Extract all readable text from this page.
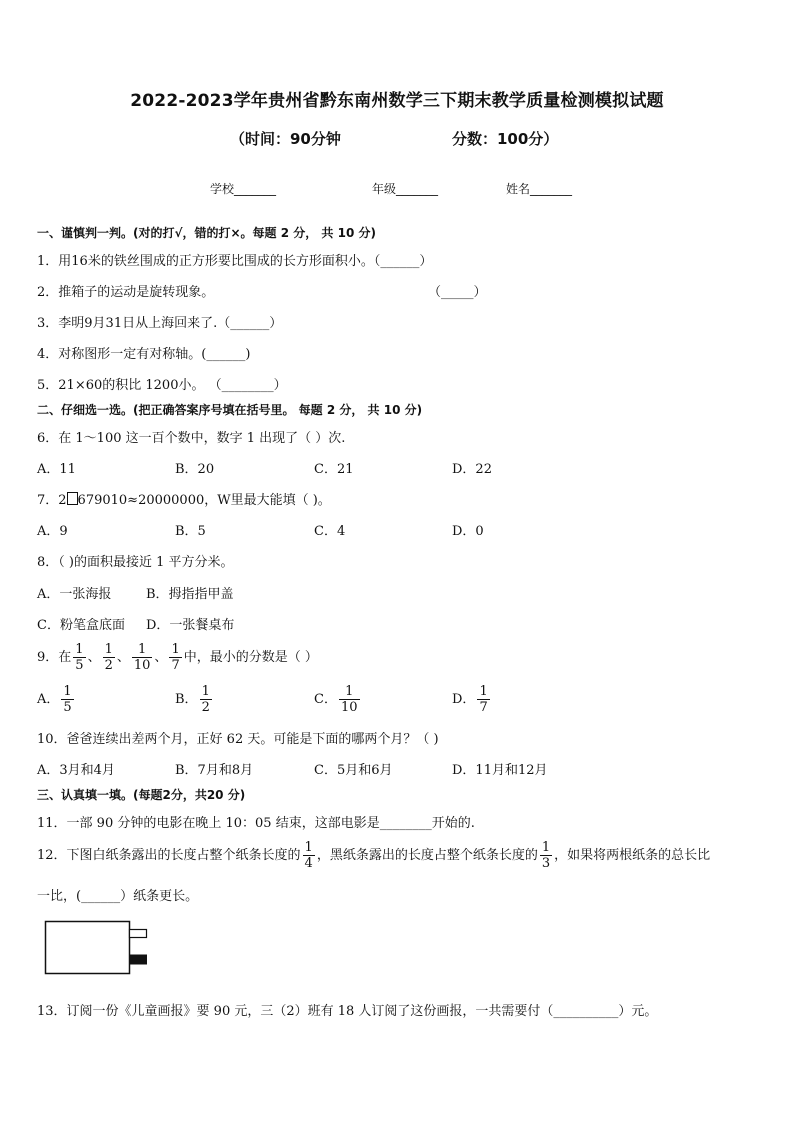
2022-2023学年贵州省黔东南州数学三下期末教学质量检测模拟试题
（时间：90分钟	分数：100分）
学校_______	年级_______	姓名_______
一、谨慎判一判。(对的打√，错的打×。每题 2 分， 共 10 分)
1．用16米的铁丝围成的正方形要比围成的长方形面积小。（______）
2．推箱子的运动是旋转现象。	（_____）
3．李明9月31日从上海回来了.（______）
4．对称图形一定有对称轴。(______)
5．21×60的积比 1200小。 （________）
二、仔细选一选。(把正确答案序号填在括号里。 每题 2 分， 共 10 分)
6．在 1～100 这一百个数中，数字 1 出现了（ ）次.
A．11	B．20	C．21	D．22
7．2 679010≈20000000，W里最大能填（ )。
A．9	B．5	C．4	D．0
8．（ )的面积最接近 1 平方分米。
A．一张海报	B．拇指指甲盖
C．粉笔盒底面 D．一张餐桌布
9．在 $\frac{1}{5}$ 、 $\frac{1}{2}$ 、 $\frac{1}{10}$ 、 $\frac{1}{7}$ 中，最小的分数是（ ）
A． $\frac{1}{5}$	B． $\frac{1}{2}$	C． $\frac{1}{10}$	D． $\frac{1}{7}$
10．爸爸连续出差两个月，正好 62 天。可能是下面的哪两个月？（ )
A．3月和4月	B．7月和8月	C．5月和6月	D．11月和12月
三、认真填一填。(每题2分，共20 分)
11．一部 90 分钟的电影在晚上 10：05 结束，这部电影是________开始的.
12．下图白纸条露出的长度占整个纸条长度的 $\frac{1}{4}$ ，黑纸条露出的长度占整个纸条长度的 $\frac{1}{3}$ ，如果将两根纸条的总长比
一比，(______）纸条更长。
13．订阅一份《儿童画报》要 90 元，三（2）班有 18 人订阅了这份画报，一共需要付（__________）元。
